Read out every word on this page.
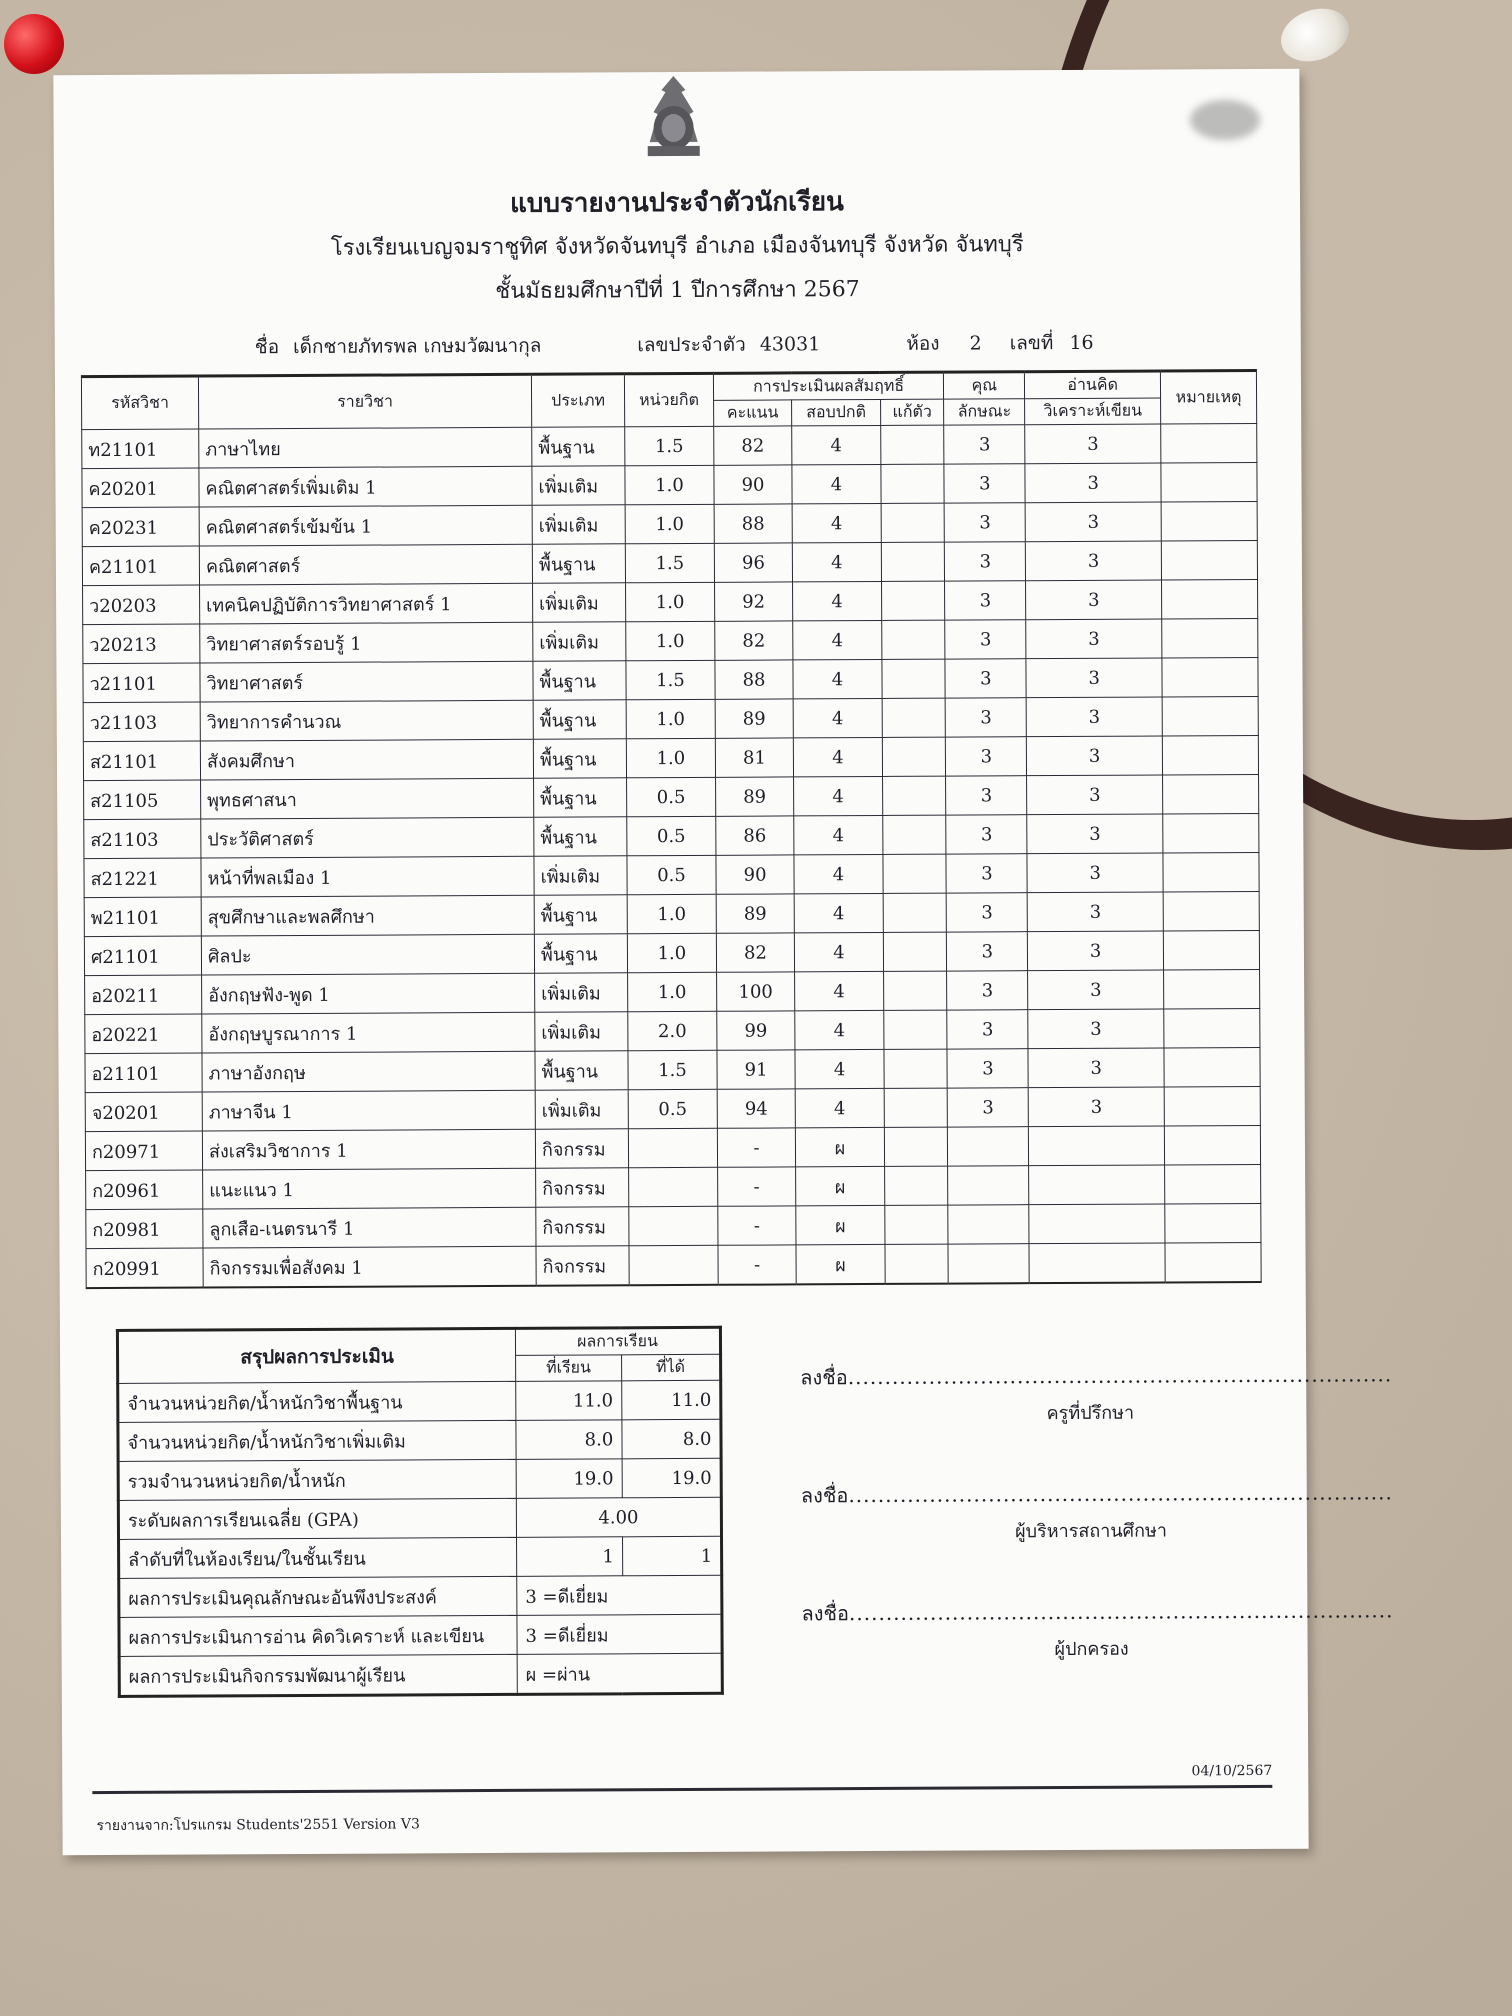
แบบรายงานประจำตัวนักเรียน
โรงเรียนเบญจมราชูทิศ จังหวัดจันทบุรี อำเภอ เมืองจันทบุรี จังหวัด จันทบุรี
ชั้นมัธยมศึกษาปีที่ 1 ปีการศึกษา 2567
ชื่อ เด็กชายภัทรพล เกษมวัฒนากุล	เลขประจำตัว 43031	ห้อง 2 เลขที่ 16
รหัสวิชา	รายวิชา	ประเภท	หน่วยกิต	การประเมินผลสัมฤทธิ์			คุณ	อ่านคิด	หมายเหตุ
				คะแนน	สอบปกติ	แก้ตัว	ลักษณะ	วิเคราะห์เขียน	
ท21101	ภาษาไทย	พื้นฐาน	1.5	82	4		3	3	
ค20201	คณิตศาสตร์เพิ่มเติม 1	เพิ่มเติม	1.0	90	4		3	3	
ค20231	คณิตศาสตร์เข้มข้น 1	เพิ่มเติม	1.0	88	4		3	3	
ค21101	คณิตศาสตร์	พื้นฐาน	1.5	96	4		3	3	
ว20203	เทคนิคปฏิบัติการวิทยาศาสตร์ 1	เพิ่มเติม	1.0	92	4		3	3	
ว20213	วิทยาศาสตร์รอบรู้ 1	เพิ่มเติม	1.0	82	4		3	3	
ว21101	วิทยาศาสตร์	พื้นฐาน	1.5	88	4		3	3	
ว21103	วิทยาการคำนวณ	พื้นฐาน	1.0	89	4		3	3	
ส21101	สังคมศึกษา	พื้นฐาน	1.0	81	4		3	3	
ส21105	พุทธศาสนา	พื้นฐาน	0.5	89	4		3	3	
ส21103	ประวัติศาสตร์	พื้นฐาน	0.5	86	4		3	3	
ส21221	หน้าที่พลเมือง 1	เพิ่มเติม	0.5	90	4		3	3	
พ21101	สุขศึกษาและพลศึกษา	พื้นฐาน	1.0	89	4		3	3	
ศ21101	ศิลปะ	พื้นฐาน	1.0	82	4		3	3	
อ20211	อังกฤษฟัง-พูด 1	เพิ่มเติม	1.0	100	4		3	3	
อ20221	อังกฤษบูรณาการ 1	เพิ่มเติม	2.0	99	4		3	3	
อ21101	ภาษาอังกฤษ	พื้นฐาน	1.5	91	4		3	3	
จ20201	ภาษาจีน 1	เพิ่มเติม	0.5	94	4		3	3	
ก20971	ส่งเสริมวิชาการ 1	กิจกรรม		-	ผ				
ก20961	แนะแนว 1	กิจกรรม		-	ผ				
ก20981	ลูกเสือ-เนตรนารี 1	กิจกรรม		-	ผ				
ก20991	กิจกรรมเพื่อสังคม 1	กิจกรรม		-	ผ				
สรุปผลการประเมิน	ผลการเรียน	
	ที่เรียน	ที่ได้
จำนวนหน่วยกิต/น้ำหนักวิชาพื้นฐาน	11.0	11.0
จำนวนหน่วยกิต/น้ำหนักวิชาเพิ่มเติม	8.0	8.0
รวมจำนวนหน่วยกิต/น้ำหนัก	19.0	19.0
ระดับผลการเรียนเฉลี่ย (GPA)	4.00	
ลำดับที่ในห้องเรียน/ในชั้นเรียน	1	1
ผลการประเมินคุณลักษณะอันพึงประสงค์	3 =ดีเยี่ยม	
ผลการประเมินการอ่าน คิดวิเคราะห์ และเขียน	3 =ดีเยี่ยม	
ผลการประเมินกิจกรรมพัฒนาผู้เรียน	ผ =ผ่าน	
ลงชื่อ..........................................................................
ครูที่ปรึกษา
ลงชื่อ..........................................................................
ผู้บริหารสถานศึกษา
ลงชื่อ..........................................................................
ผู้ปกครอง
04/10/2567
รายงานจาก:โปรแกรม Students'2551 Version V3
